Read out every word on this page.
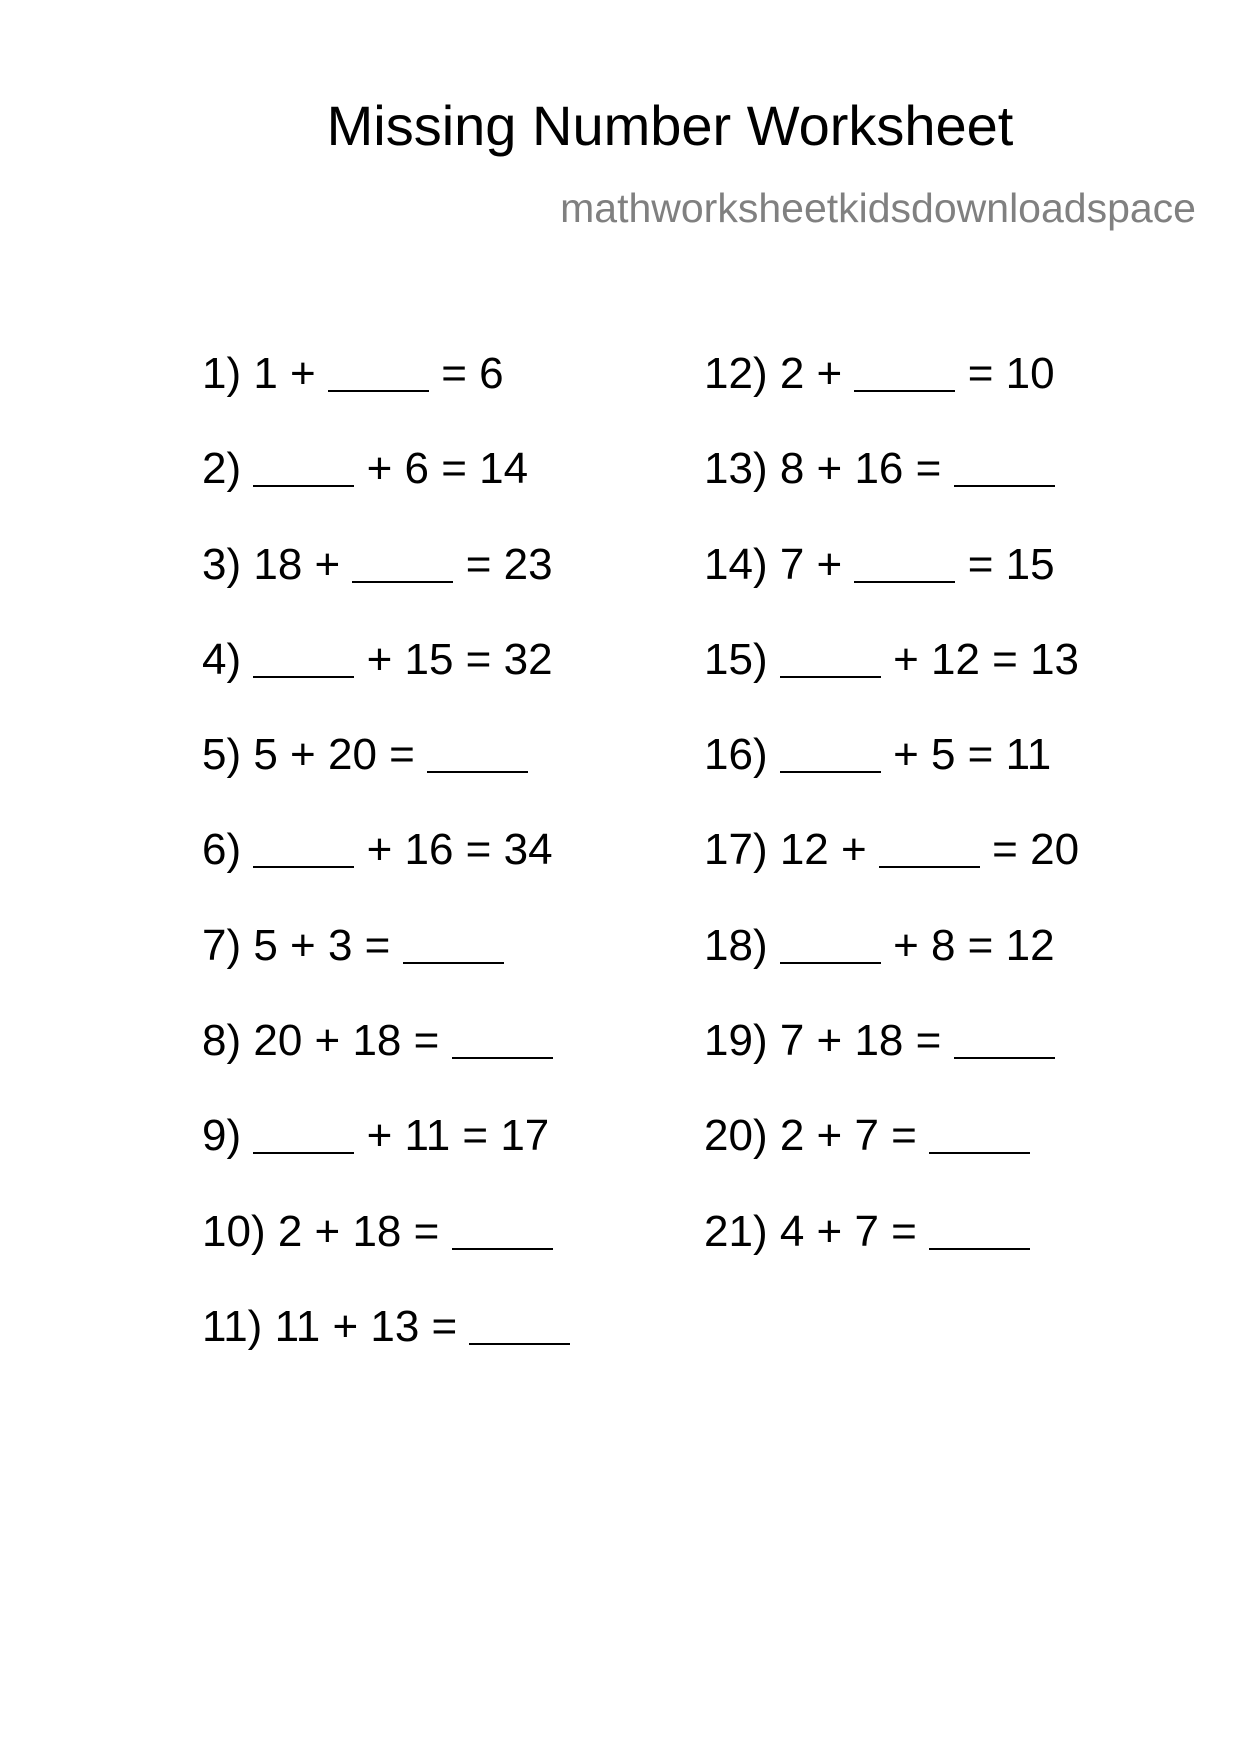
Missing Number Worksheet
mathworksheetkidsdownloadspace
1) 1 +	= 6
2)	+ 6 = 14
3) 18 +	= 23
4)	+ 15 = 32
5) 5 + 20 =
6)	+ 16 = 34
7) 5 + 3 =
8) 20 + 18 =
9)	+ 11 = 17
10) 2 + 18 =
11) 11 + 13 =
12) 2 +	= 10
13) 8 + 16 =
14) 7 +	= 15
15)	+ 12 = 13
16)	+ 5 = 11
17) 12 +	= 20
18)	+ 8 = 12
19) 7 + 18 =
20) 2 + 7 =
21) 4 + 7 =
